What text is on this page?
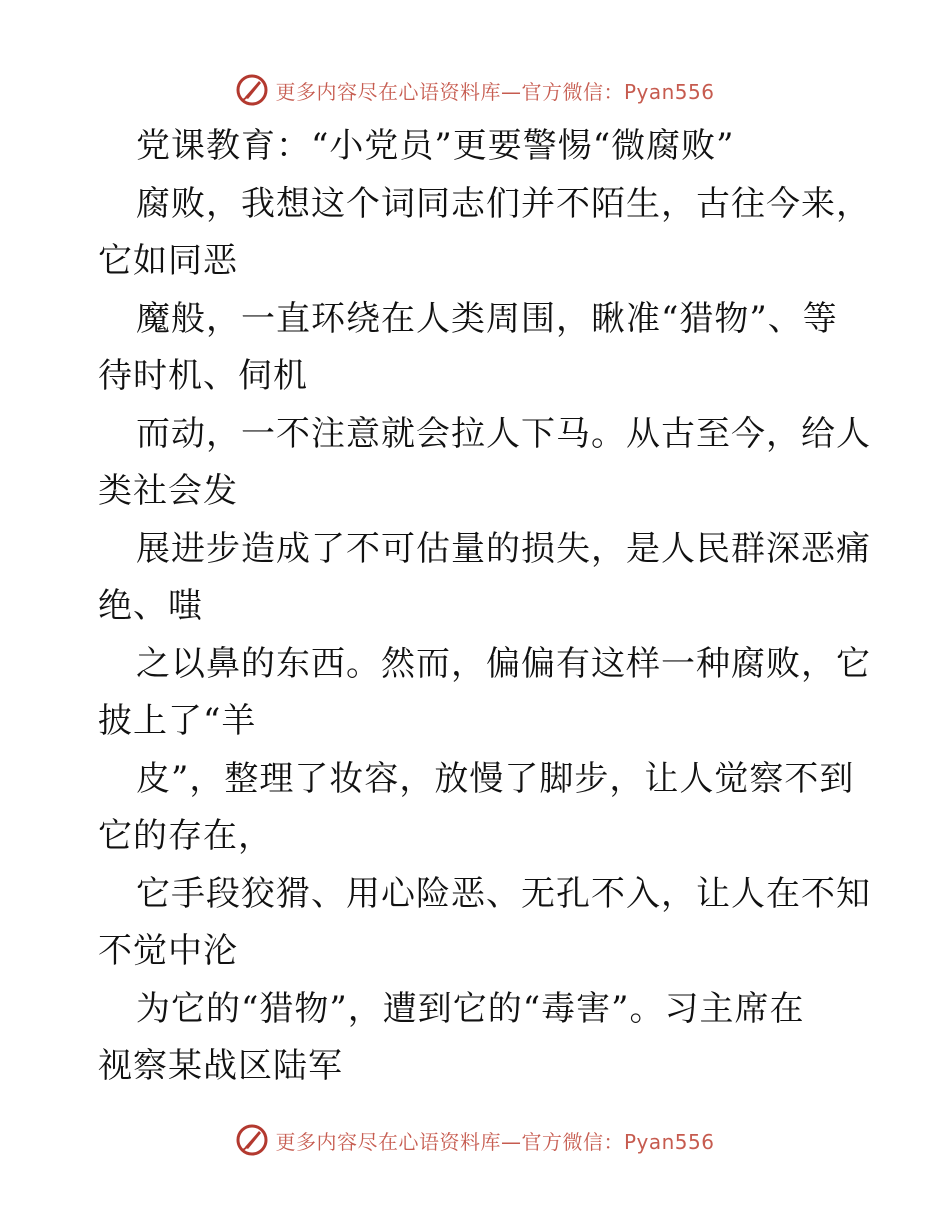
更多内容尽在心语资料库—官方微信：Pyan556
党课教育：“小党员”更要警惕“微腐败”
腐败，我想这个词同志们并不陌生，古往今来，
它如同恶
魔般，一直环绕在人类周围，瞅准“猎物”、等
待时机、伺机
而动，一不注意就会拉人下马。从古至今，给人
类社会发
展进步造成了不可估量的损失，是人民群深恶痛
绝、嗤
之以鼻的东西。然而，偏偏有这样一种腐败，它
披上了“羊
皮”，整理了妆容，放慢了脚步，让人觉察不到
它的存在，
它手段狡猾、用心险恶、无孔不入，让人在不知
不觉中沦
为它的“猎物”，遭到它的“毒害”。习主席在
视察某战区陆军
更多内容尽在心语资料库—官方微信：Pyan556
